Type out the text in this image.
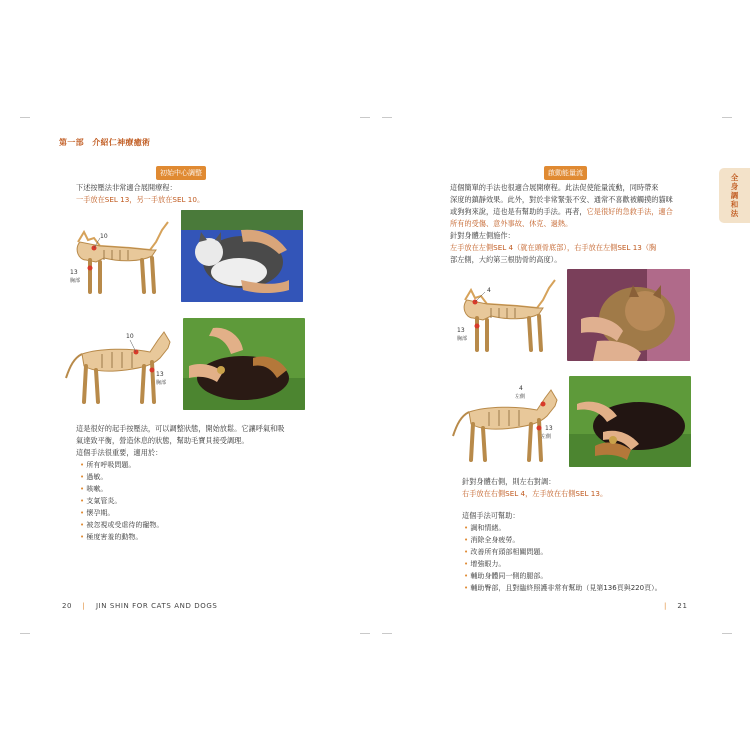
第一部　介紹仁神療癒術
全
身
調
和
法
初始中心調整
下述按壓法非常適合展開療程：
一手放在SEL 13，另一手放在SEL 10。
10
13
胸部
10
13
胸部
這是很好的起手按壓法，可以調整狀態，開始放鬆。它讓呼氣和吸
氣達致平衡，營造休息的狀態，幫助毛寶貝接受調理。
這個手法很重要，適用於：
• 所有呼吸問題。
• 過敏。
• 咳嗽。
• 支氣管炎。
• 懷孕期。
• 被忽視或受虐待的寵物。
• 極度害羞的動物。
20 　|　 JIN SHIN FOR CATS AND DOGS
啟動能量流
這個簡單的手法也很適合展開療程。此法促使能量流動，同時帶來
深度的鎮靜效果。此外，對於非常緊張不安、通常不喜歡被觸摸的貓咪
或狗狗來說，這也是有幫助的手法。再者，它是很好的急救手法，適合
所有的受傷、意外事故、休克、過熱。
針對身體左側施作：
左手放在左側SEL 4（就在頭骨底部），右手放在左側SEL 13（胸
部左側，大約第三根肋骨的高度）。
4
13
胸部
4
左側
13
左側
針對身體右側，則左右對調：
右手放在右側SEL 4，左手放在右側SEL 13。
這個手法可幫助：
• 調和情緒。
• 消除全身疲勞。
• 改善所有頭部相關問題。
• 增強眼力。
• 輔助身體同一側的腿部。
• 輔助臀部，且對臨終照護非常有幫助（見第136頁與220頁）。
|　 21
